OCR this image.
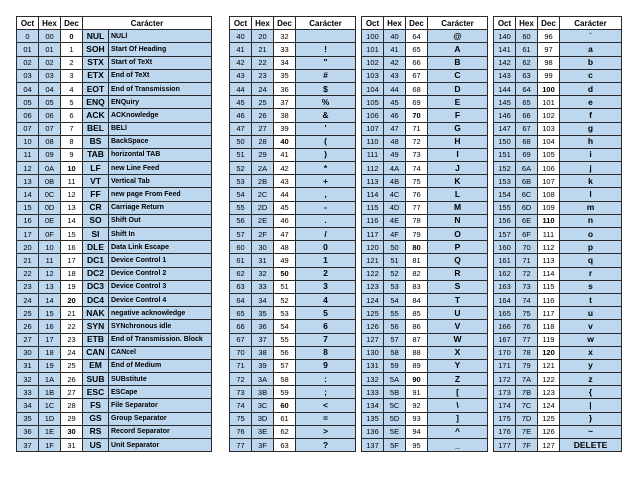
Oct	Hex	Dec	Carácter	
0	00	0	NUL	NULl
01	01	1	SOH	Start Of Heading
02	02	2	STX	Start of TeXt
03	03	3	ETX	End of TeXt
04	04	4	EOT	End of Transmission
05	05	5	ENQ	ENQuiry
06	06	6	ACK	ACKnowledge
07	07	7	BEL	BELl
10	08	8	BS	BackSpace
11	09	9	TAB	horizontal TAB
12	0A	10	LF	new Line Feed
13	0B	11	VT	Vertical Tab
14	0C	12	FF	new page From Feed
15	0D	13	CR	Carriage Return
16	0E	14	SO	Shift Out
17	0F	15	SI	Shift In
20	10	16	DLE	Data Link Escape
21	11	17	DC1	Device Control 1
22	12	18	DC2	Device Control 2
23	13	19	DC3	Device Control 3
24	14	20	DC4	Device Control 4
25	15	21	NAK	negative acknowledge
26	16	22	SYN	SYNchronous idle
27	17	23	ETB	End of Transmission. Block
30	18	24	CAN	CANcel
31	19	25	EM	End of Medium
32	1A	26	SUB	SUBstitute
33	1B	27	ESC	ESCape
34	1C	28	FS	File Separator
35	1D	29	GS	Group Separator
36	1E	30	RS	Record Separator
37	1F	31	US	Unit Separator
Oct	Hex	Dec	Carácter
40	20	32	
41	21	33	!
42	22	34	"
43	23	35	#
44	24	36	$
45	25	37	%
46	26	38	&
47	27	39	'
50	28	40	(
51	29	41	)
52	2A	42	*
53	2B	43	+
54	2C	44	,
55	2D	45	-
56	2E	46	.
57	2F	47	/
60	30	48	0
61	31	49	1
62	32	50	2
63	33	51	3
64	34	52	4
65	35	53	5
66	36	54	6
67	37	55	7
70	38	56	8
71	39	57	9
72	3A	58	:
73	3B	59	;
74	3C	60	<
75	3D	61	=
76	3E	62	>
77	3F	63	?
Oct	Hex	Dec	Carácter
100	40	64	@
101	41	65	A
102	42	66	B
103	43	67	C
104	44	68	D
105	45	69	E
106	46	70	F
107	47	71	G
110	48	72	H
111	49	73	I
112	4A	74	J
113	4B	75	K
114	4C	76	L
115	4D	77	M
116	4E	78	N
117	4F	79	O
120	50	80	P
121	51	81	Q
122	52	82	R
123	53	83	S
124	54	84	T
125	55	85	U
126	56	86	V
127	57	87	W
130	58	88	X
131	59	89	Y
132	5A	90	Z
133	5B	91	[
134	5C	92	\
135	5D	93	]
136	5E	94	^
137	5F	95	_
Oct	Hex	Dec	Carácter
140	60	96	`
141	61	97	a
142	62	98	b
143	63	99	c
144	64	100	d
145	65	101	e
146	66	102	f
147	67	103	g
150	68	104	h
151	69	105	i
152	6A	106	j
153	6B	107	k
154	6C	108	l
155	6D	109	m
156	6E	110	n
157	6F	111	o
160	70	112	p
161	71	113	q
162	72	114	r
163	73	115	s
164	74	116	t
165	75	117	u
166	76	118	v
167	77	119	w
170	78	120	x
171	79	121	y
172	7A	122	z
173	7B	123	{
174	7C	124	|
175	7D	125	}
176	7E	126	~
177	7F	127	DELETE
